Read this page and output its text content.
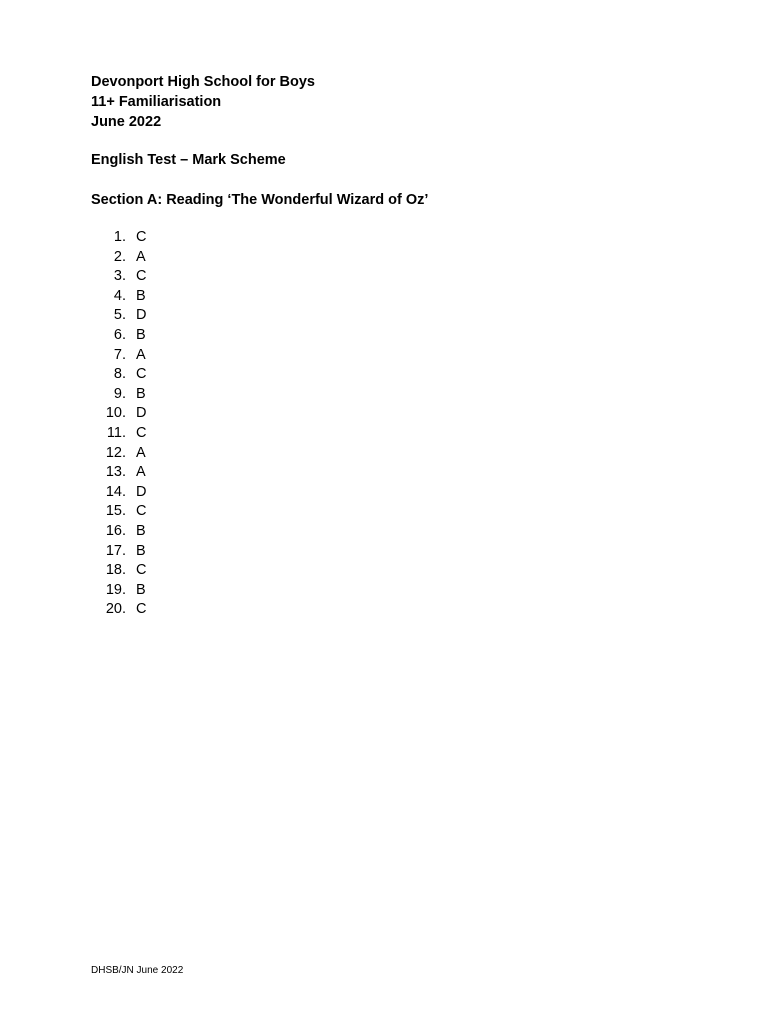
Devonport High School for Boys
11+ Familiarisation
June 2022
English Test – Mark Scheme
Section A: Reading ‘The Wonderful Wizard of Oz’
1. C
2. A
3. C
4. B
5. D
6. B
7. A
8. C
9. B
10. D
11. C
12. A
13. A
14. D
15. C
16. B
17. B
18. C
19. B
20. C
DHSB/JN June 2022
